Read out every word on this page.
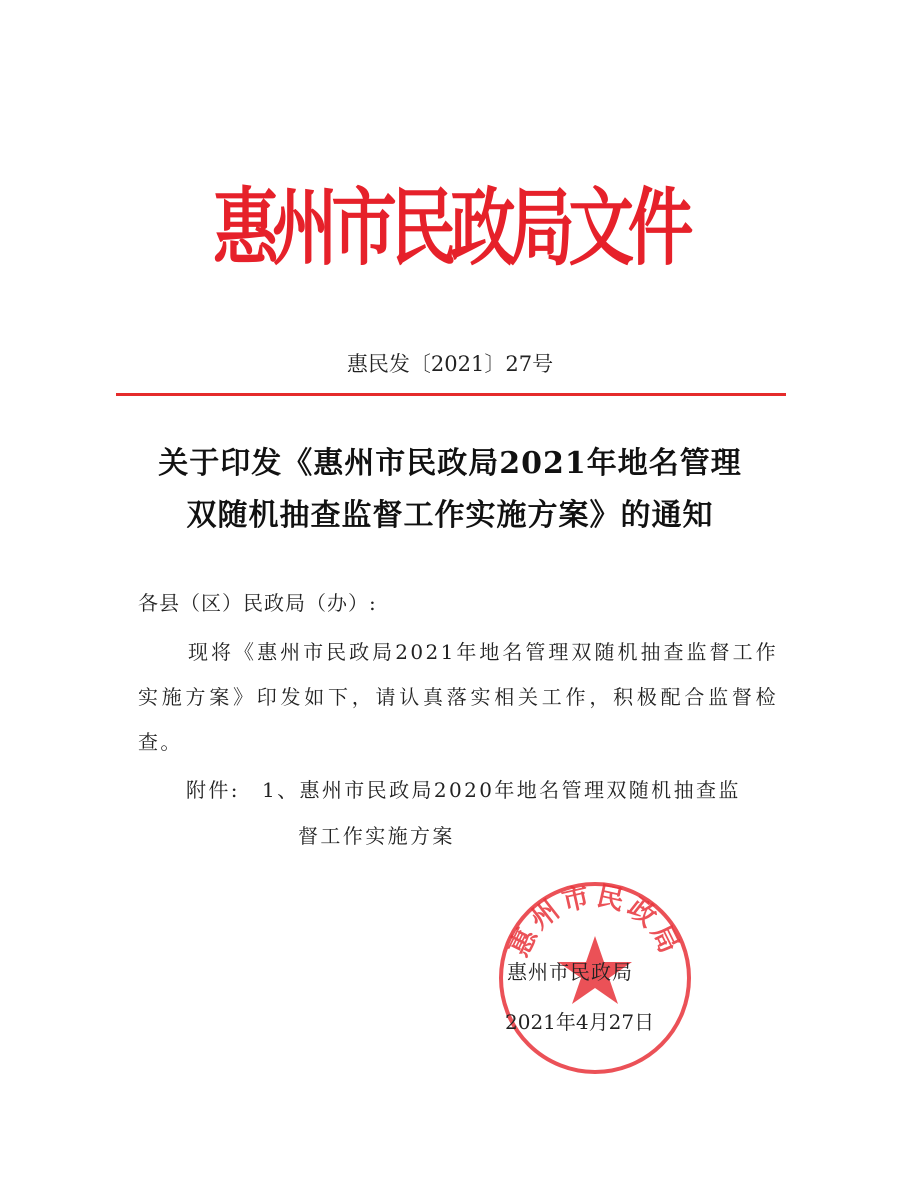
惠州市民政局文件
惠民发〔2021〕27号
关于印发《惠州市民政局2021年地名管理
双随机抽查监督工作实施方案》的通知
各县（区）民政局（办）:
现将《惠州市民政局2021年地名管理双随机抽查监督工作实施方案》印发如下，请认真落实相关工作，积极配合监督检查。
附件: 1、惠州市民政局2020年地名管理双随机抽查监
督工作实施方案
惠州市民政局
惠州市民政局
2021年4月27日
